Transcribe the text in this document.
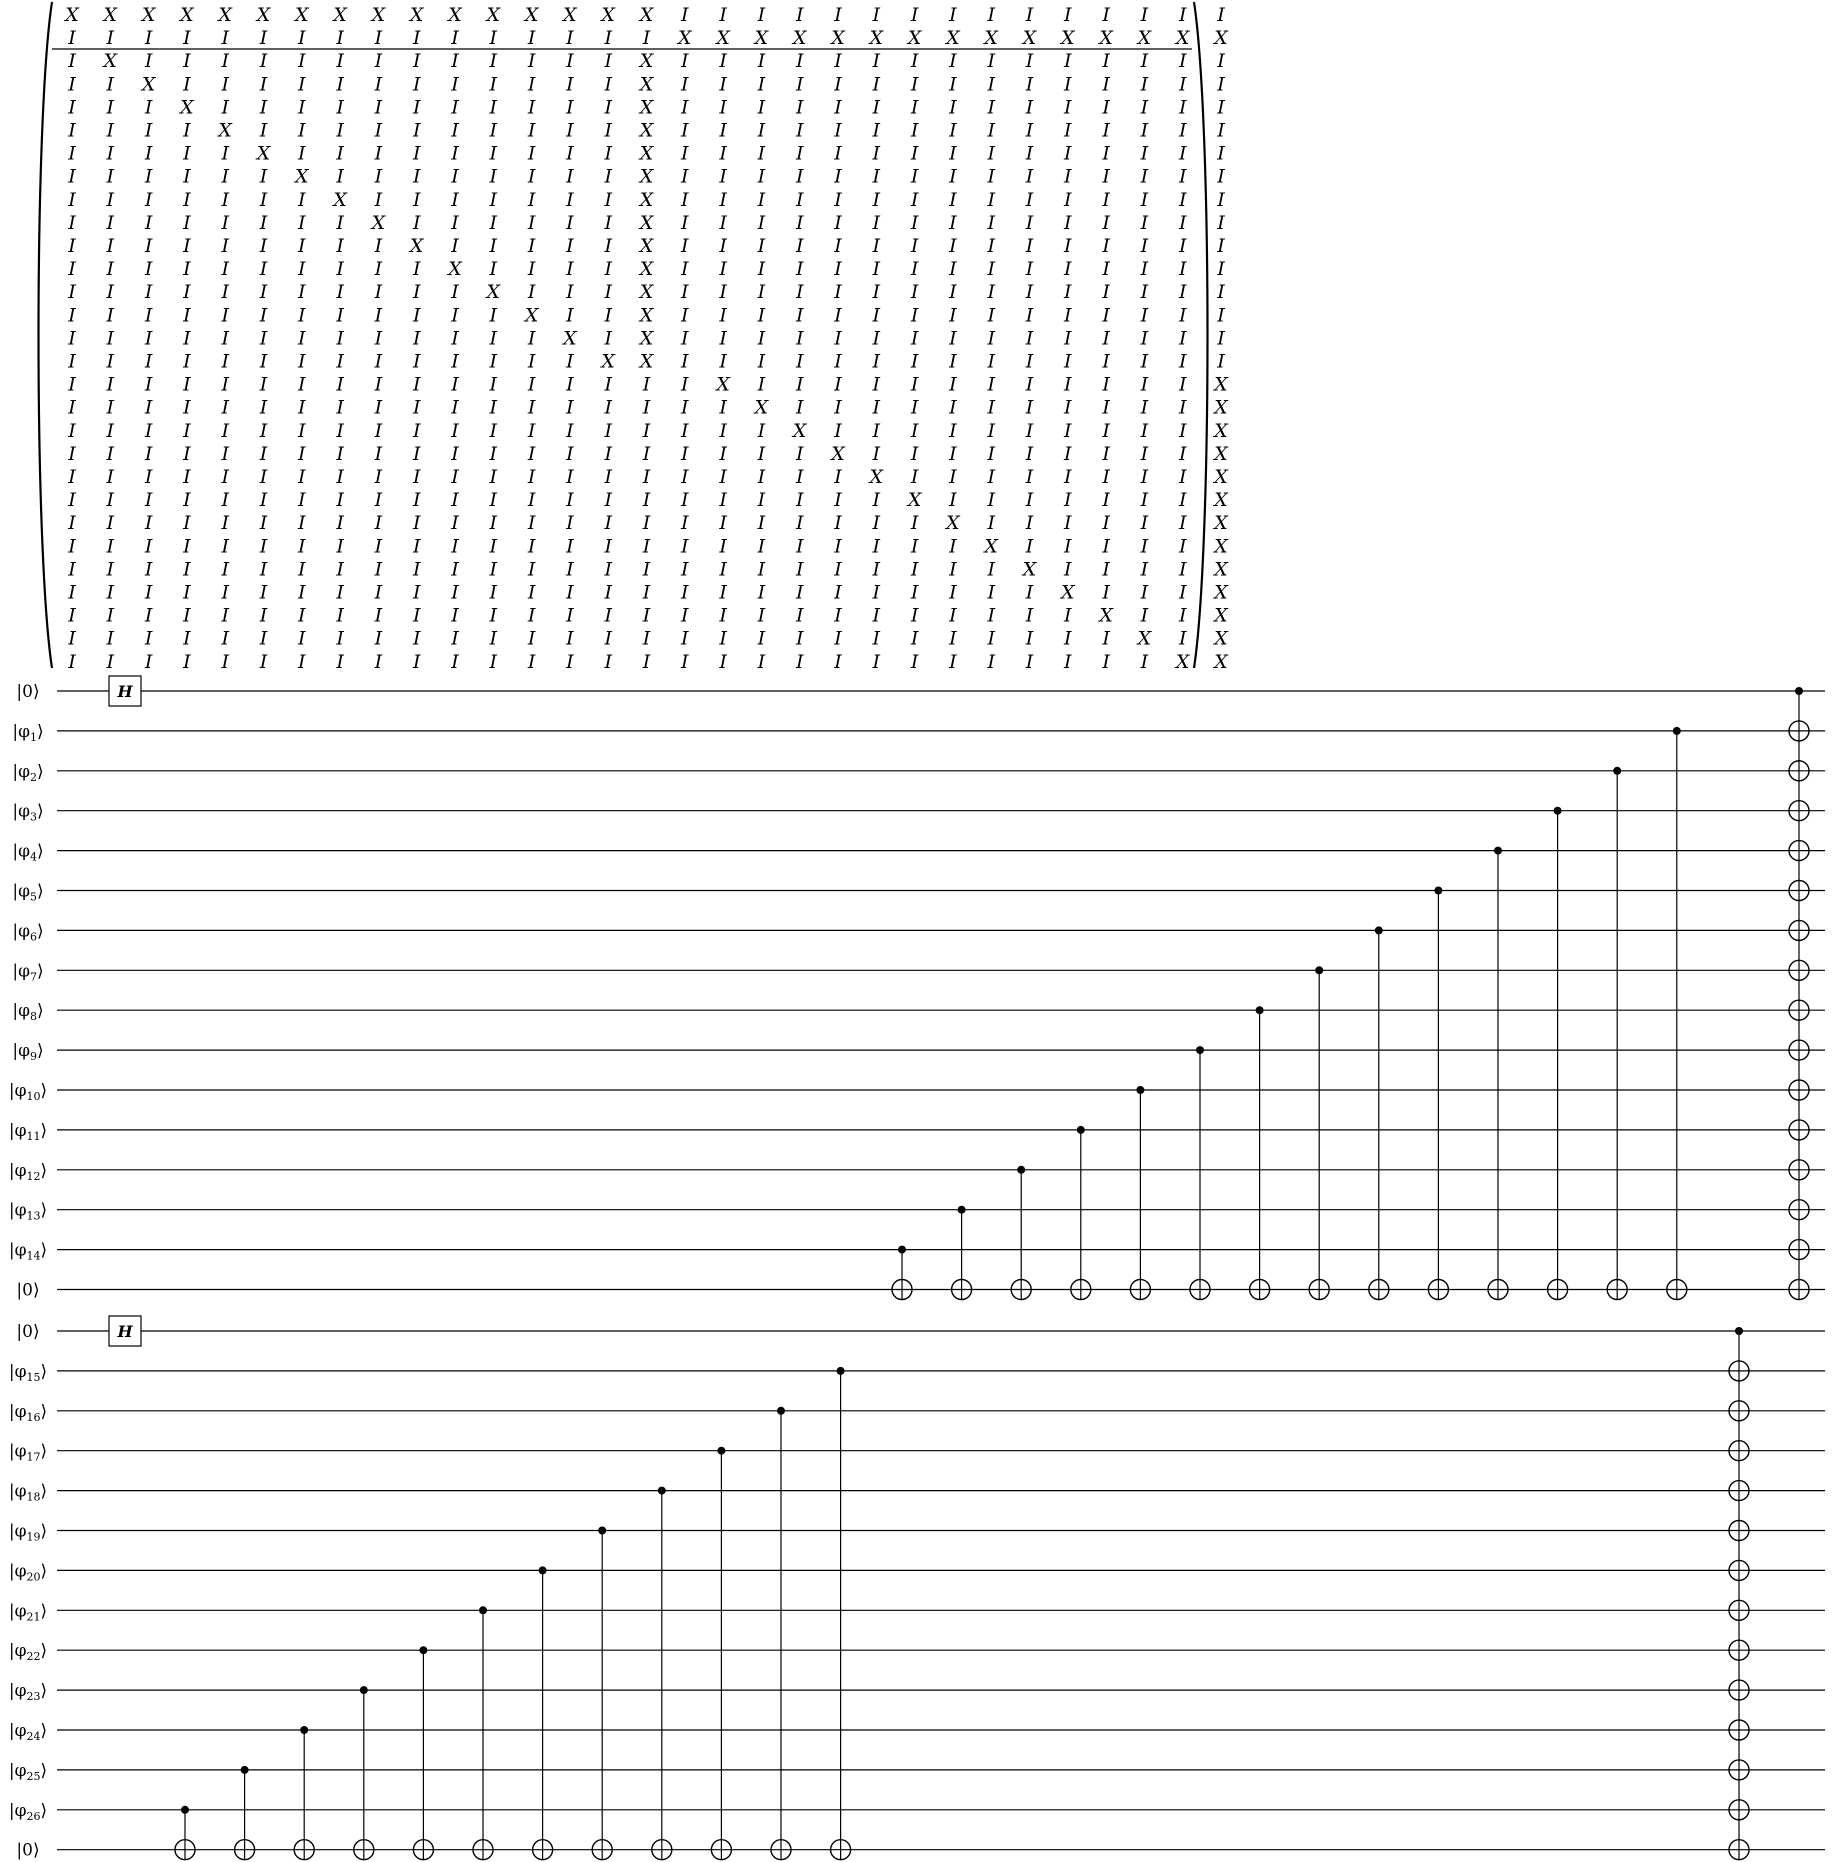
X X X X X X X X X X X X X X X X I I I I I I I I I I I I I I I
I I I I I I I I I I I I I I I I X X X X X X X X X X X X X X X
I X I I I I I I I I I I I I I X I I I I I I I I I I I I I I I
I I X I I I I I I I I I I I I X I I I I I I I I I I I I I I I
I I I X I I I I I I I I I I I X I I I I I I I I I I I I I I I
I I I I X I I I I I I I I I I X I I I I I I I I I I I I I I I
I I I I I X I I I I I I I I I X I I I I I I I I I I I I I I I
I I I I I I X I I I I I I I I X I I I I I I I I I I I I I I I
I I I I I I I X I I I I I I I X I I I I I I I I I I I I I I I
I I I I I I I I X I I I I I I X I I I I I I I I I I I I I I I
I I I I I I I I I X I I I I I X I I I I I I I I I I I I I I I
I I I I I I I I I I X I I I I X I I I I I I I I I I I I I I I
I I I I I I I I I I I X I I I X I I I I I I I I I I I I I I I
I I I I I I I I I I I I X I I X I I I I I I I I I I I I I I I
I I I I I I I I I I I I I X I X I I I I I I I I I I I I I I I
I I I I I I I I I I I I I I X X I I I I I I I I I I I I I I I
I I I I I I I I I I I I I I I I I X I I I I I I I I I I I I X
I I I I I I I I I I I I I I I I I I X I I I I I I I I I I I X
I I I I I I I I I I I I I I I I I I I X I I I I I I I I I I X
I I I I I I I I I I I I I I I I I I I I X I I I I I I I I I X
I I I I I I I I I I I I I I I I I I I I I X I I I I I I I I X
I I I I I I I I I I I I I I I I I I I I I I X I I I I I I I X
I I I I I I I I I I I I I I I I I I I I I I I X I I I I I I X
I I I I I I I I I I I I I I I I I I I I I I I I X I I I I I X
I I I I I I I I I I I I I I I I I I I I I I I I I X I I I I X
I I I I I I I I I I I I I I I I I I I I I I I I I I X I I I X
I I I I I I I I I I I I I I I I I I I I I I I I I I I X I I X
I I I I I I I I I I I I I I I I I I I I I I I I I I I I X I X
I I I I I I I I I I I I I I I I I I I I I I I I I I I I I X X
|0⟩
$|\varphi_1⟩$
$|\varphi_2⟩$
$|\varphi_3⟩$
$|\varphi_4⟩$
$|\varphi_5⟩$
$|\varphi_6⟩$
$|\varphi_7⟩$
$|\varphi_8⟩$
$|\varphi_9⟩$
$|\varphi_{10}⟩$
$|\varphi_{11}⟩$
$|\varphi_{12}⟩$
$|\varphi_{13}⟩$
$|\varphi_{14}⟩$
|0⟩
H
|0⟩
$|\varphi_{15}⟩$
$|\varphi_{16}⟩$
$|\varphi_{17}⟩$
$|\varphi_{18}⟩$
$|\varphi_{19}⟩$
$|\varphi_{20}⟩$
$|\varphi_{21}⟩$
$|\varphi_{22}⟩$
$|\varphi_{23}⟩$
$|\varphi_{24}⟩$
$|\varphi_{25}⟩$
$|\varphi_{26}⟩$
|0⟩
H
